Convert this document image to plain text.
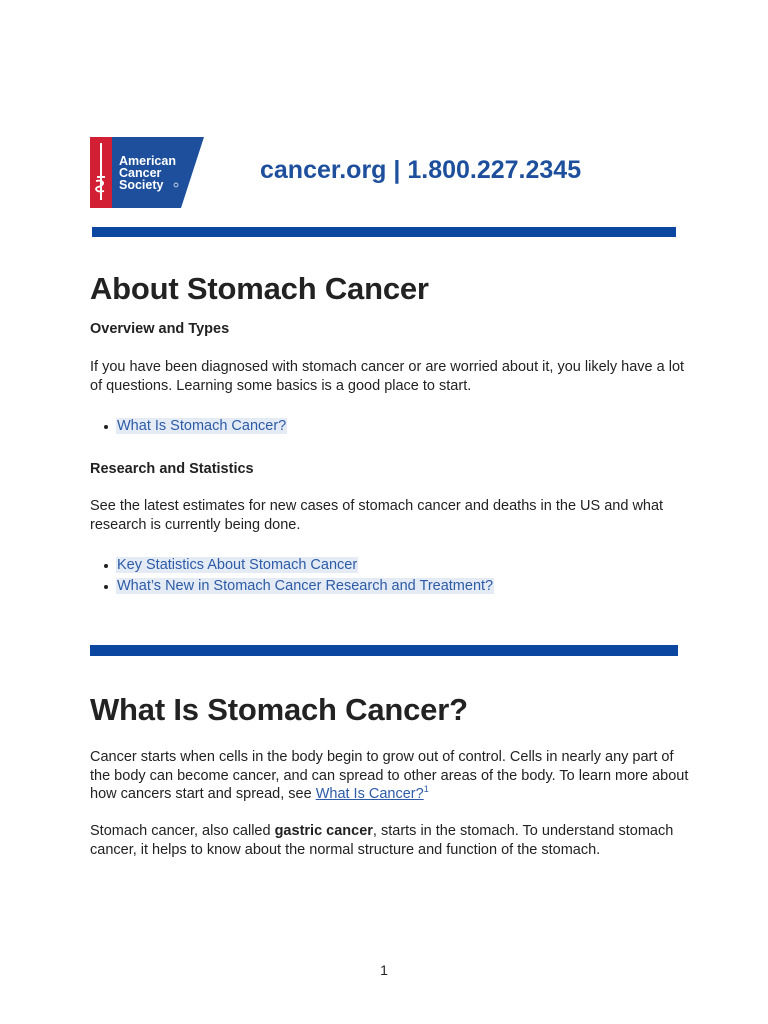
American
Cancer
Society
cancer.org | 1.800.227.2345
About Stomach Cancer
Overview and Types

If you have been diagnosed with stomach cancer or are worried about it, you likely have a lot of questions. Learning some basics is a good place to start.

What Is Stomach Cancer?
Research and Statistics

See the latest estimates for new cases of stomach cancer and deaths in the US and what research is currently being done.

Key Statistics About Stomach Cancer
What’s New in Stomach Cancer Research and Treatment?
What Is Stomach Cancer?

Cancer starts when cells in the body begin to grow out of control. Cells in nearly any part of the body can become cancer, and can spread to other areas of the body. To learn more about how cancers start and spread, see What Is Cancer?$^1$

Stomach cancer, also called gastric cancer, starts in the stomach. To understand stomach cancer, it helps to know about the normal structure and function of the stomach.

1
